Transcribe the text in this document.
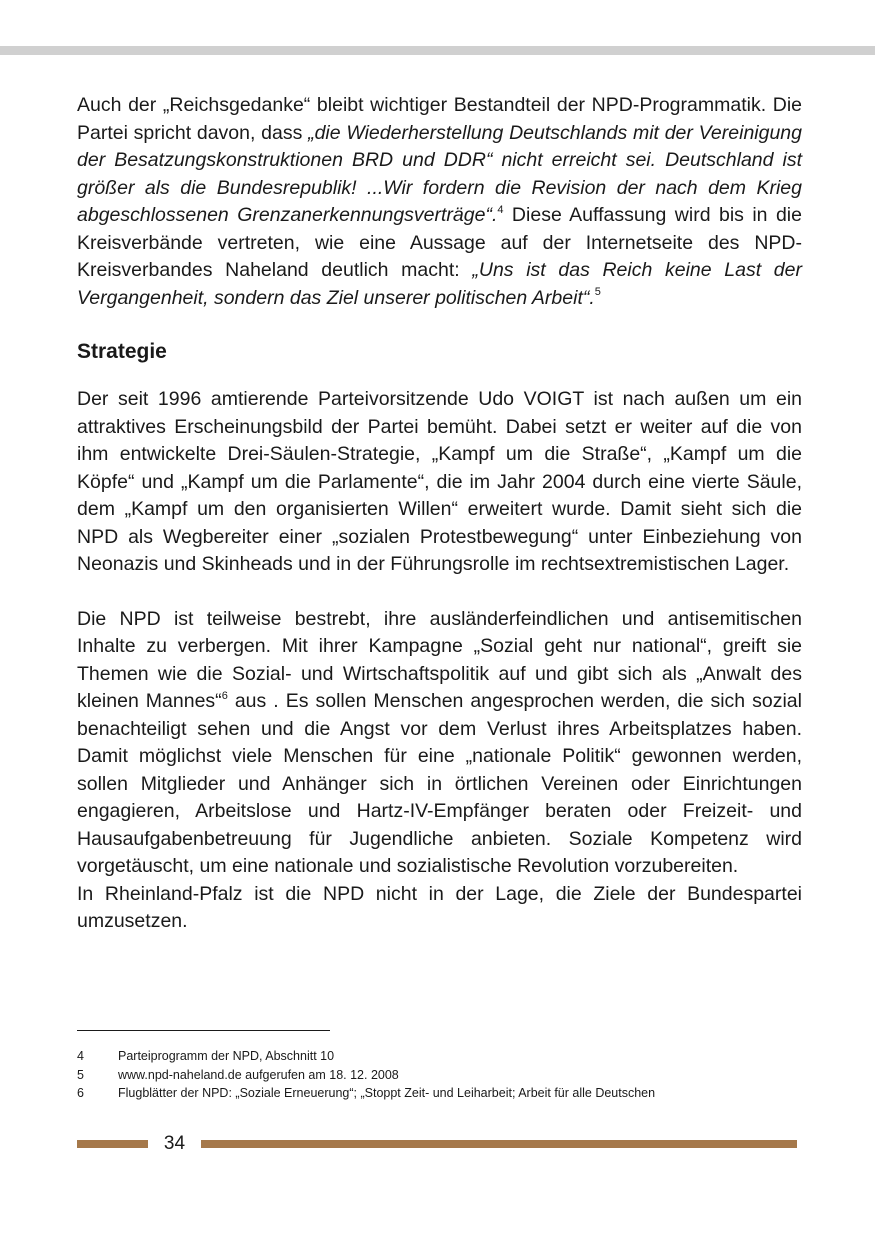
Auch der „Reichsgedanke“ bleibt wichtiger Bestandteil der NPD-Programmatik. Die Partei spricht davon, dass „die Wiederherstellung Deutschlands mit der Vereinigung der Besatzungskonstruktionen BRD und DDR“ nicht erreicht sei. Deutschland ist größer als die Bundesrepublik! ...Wir fordern die Revision der nach dem Krieg abgeschlossenen Grenzanerkennungsverträge“.$^4$ Diese Auffassung wird bis in die Kreisverbände vertreten, wie eine Aussage auf der Internetseite des NPD-Kreisverbandes Naheland deutlich macht: „Uns ist das Reich keine Last der Vergangenheit, sondern das Ziel unserer politischen Arbeit“.$^5$

Strategie

Der seit 1996 amtierende Parteivorsitzende Udo VOIGT ist nach außen um ein attraktives Erscheinungsbild der Partei bemüht. Dabei setzt er weiter auf die von ihm entwickelte Drei-Säulen-Strategie, „Kampf um die Straße“, „Kampf um die Köpfe“ und „Kampf um die Parlamente“, die im Jahr 2004 durch eine vierte Säule, dem „Kampf um den organisierten Willen“ erweitert wurde. Damit sieht sich die NPD als Wegbereiter einer „sozialen Protestbewegung“ unter Einbeziehung von Neonazis und Skinheads und in der Führungsrolle im rechtsextremistischen Lager.

Die NPD ist teilweise bestrebt, ihre ausländerfeindlichen und antisemitischen Inhalte zu verbergen. Mit ihrer Kampagne „Sozial geht nur national“, greift sie Themen wie die Sozial- und Wirtschaftspolitik auf und gibt sich als „Anwalt des kleinen Mannes“$^6$ aus . Es sollen Menschen angesprochen werden, die sich sozial benachteiligt sehen und die Angst vor dem Verlust ihres Arbeitsplatzes haben. Damit möglichst viele Menschen für eine „nationale Politik“ gewonnen werden, sollen Mitglieder und Anhänger sich in örtlichen Vereinen oder Einrichtungen engagieren, Arbeitslose und Hartz-IV-Empfänger beraten oder Freizeit- und Hausaufgabenbetreuung für Jugendliche anbieten. Soziale Kompetenz wird vorgetäuscht, um eine nationale und sozialistische Revolution vorzubereiten.
In Rheinland-Pfalz ist die NPD nicht in der Lage, die Ziele der Bundespartei umzusetzen.

4	Parteiprogramm der NPD, Abschnitt 10
5	www.npd-naheland.de aufgerufen am 18. 12. 2008
6	Flugblätter der NPD: „Soziale Erneuerung“; „Stoppt Zeit- und Leiharbeit; Arbeit für alle Deutschen
34
